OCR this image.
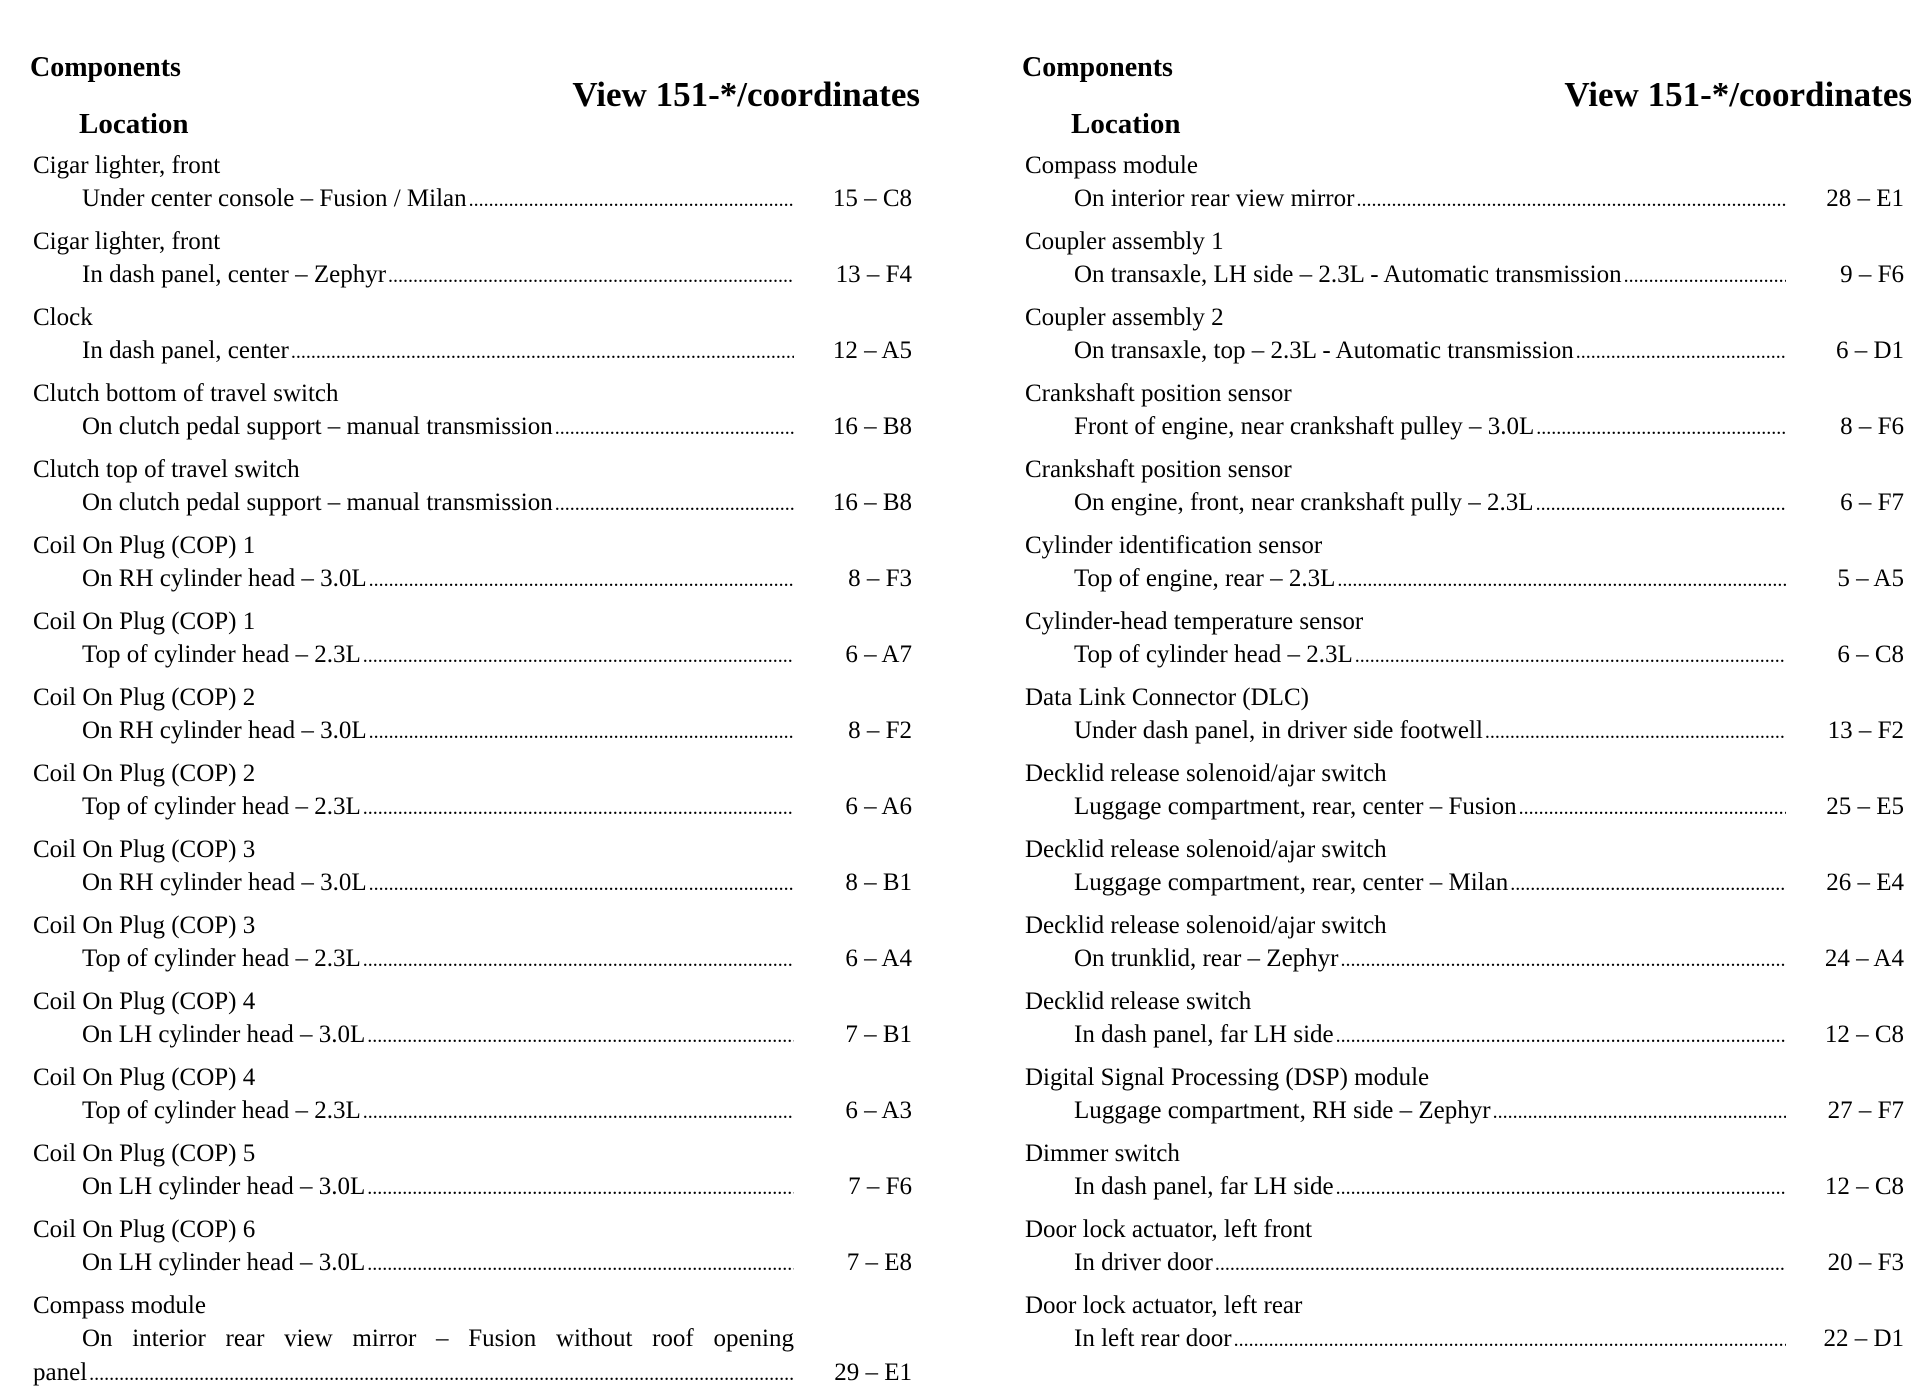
Components

Location

View 151-*/coordinates

Cigar lighter, front
Under center console – Fusion / Milan .....	15 – C8
Cigar lighter, front
In dash panel, center – Zephyr .....	13 – F4
Clock
In dash panel, center .....	12 – A5
Clutch bottom of travel switch
On clutch pedal support – manual transmission .....	16 – B8
Clutch top of travel switch
On clutch pedal support – manual transmission .....	16 – B8
Coil On Plug (COP) 1
On RH cylinder head – 3.0L .....	8 – F3
Coil On Plug (COP) 1
Top of cylinder head – 2.3L .....	6 – A7
Coil On Plug (COP) 2
On RH cylinder head – 3.0L .....	8 – F2
Coil On Plug (COP) 2
Top of cylinder head – 2.3L .....	6 – A6
Coil On Plug (COP) 3
On RH cylinder head – 3.0L .....	8 – B1
Coil On Plug (COP) 3
Top of cylinder head – 2.3L .....	6 – A4
Coil On Plug (COP) 4
On LH cylinder head – 3.0L .....	7 – B1
Coil On Plug (COP) 4
Top of cylinder head – 2.3L .....	6 – A3
Coil On Plug (COP) 5
On LH cylinder head – 3.0L .....	7 – F6
Coil On Plug (COP) 6
On LH cylinder head – 3.0L .....	7 – E8
Compass module
On interior rear view mirror – Fusion without roof opening
panel .....	29 – E1

Components

Location

View 151-*/coordinates

Compass module
On interior rear view mirror .....	28 – E1
Coupler assembly 1
On transaxle, LH side – 2.3L - Automatic transmission .....	9 – F6
Coupler assembly 2
On transaxle, top – 2.3L - Automatic transmission .....	6 – D1
Crankshaft position sensor
Front of engine, near crankshaft pulley – 3.0L .....	8 – F6
Crankshaft position sensor
On engine, front, near crankshaft pully – 2.3L .....	6 – F7
Cylinder identification sensor
Top of engine, rear – 2.3L .....	5 – A5
Cylinder-head temperature sensor
Top of cylinder head – 2.3L .....	6 – C8
Data Link Connector (DLC)
Under dash panel, in driver side footwell .....	13 – F2
Decklid release solenoid/ajar switch
Luggage compartment, rear, center – Fusion .....	25 – E5
Decklid release solenoid/ajar switch
Luggage compartment, rear, center – Milan .....	26 – E4
Decklid release solenoid/ajar switch
On trunklid, rear – Zephyr .....	24 – A4
Decklid release switch
In dash panel, far LH side .....	12 – C8
Digital Signal Processing (DSP) module
Luggage compartment, RH side – Zephyr .....	27 – F7
Dimmer switch
In dash panel, far LH side .....	12 – C8
Door lock actuator, left front
In driver door .....	20 – F3
Door lock actuator, left rear
In left rear door .....	22 – D1
